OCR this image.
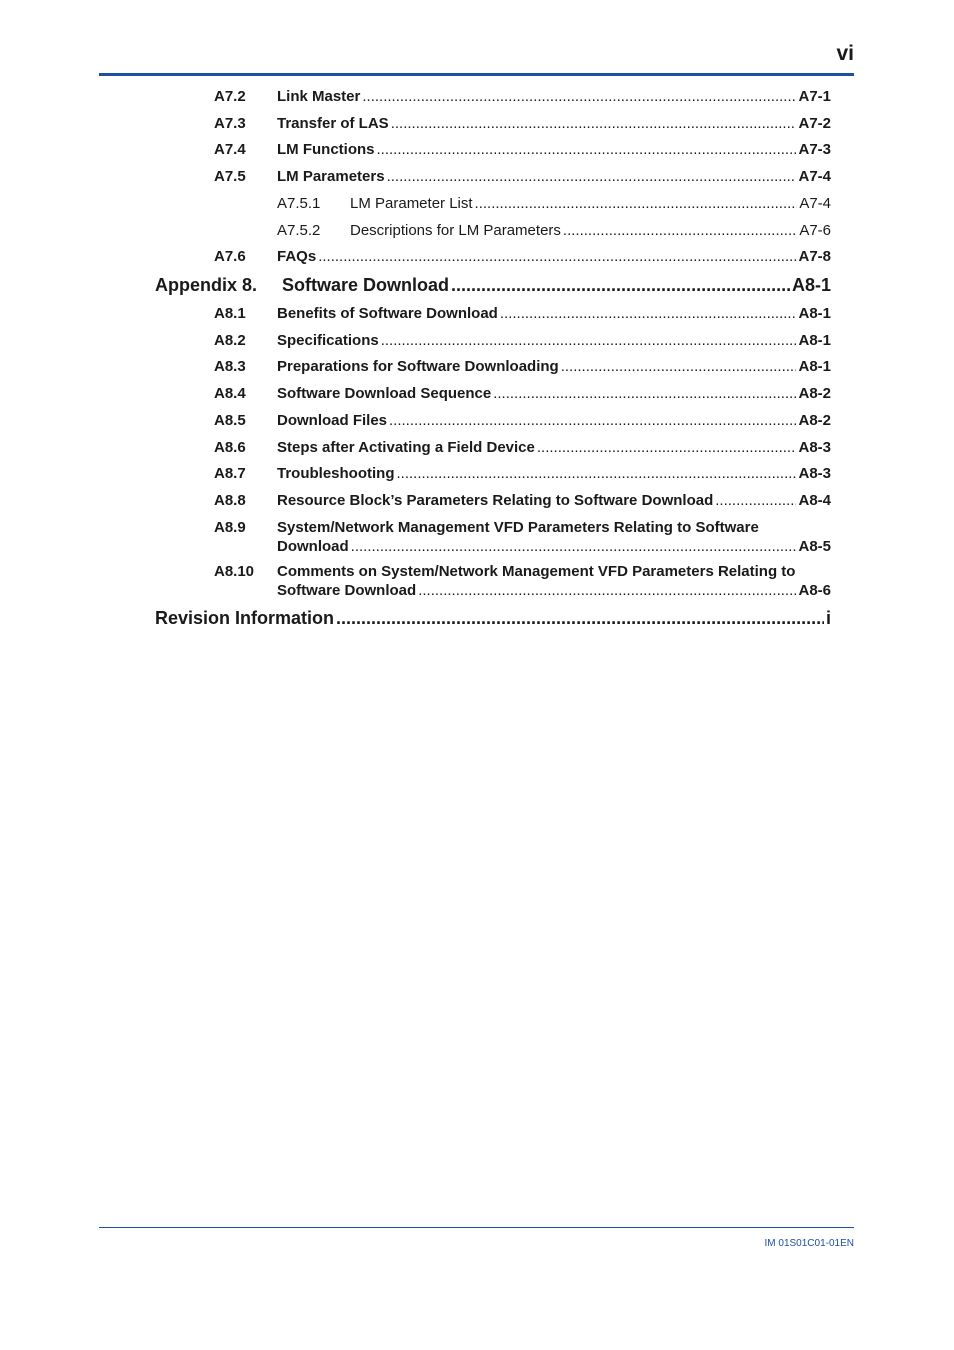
vi
A7.2 Link Master .....	A7-1
A7.3 Transfer of LAS .....	A7-2
A7.4 LM Functions .....	A7-3
A7.5 LM Parameters .....	A7-4
A7.5.1 LM Parameter List .....	A7-4
A7.5.2 Descriptions for LM Parameters .....	A7-6
A7.6 FAQs .....	A7-8
Appendix 8. Software Download .....	A8-1
A8.1 Benefits of Software Download .....	A8-1
A8.2 Specifications .....	A8-1
A8.3 Preparations for Software Downloading .....	A8-1
A8.4 Software Download Sequence .....	A8-2
A8.5 Download Files .....	A8-2
A8.6 Steps after Activating a Field Device .....	A8-3
A8.7 Troubleshooting .....	A8-3
A8.8 Resource Block’s Parameters Relating to Software Download .....	A8-4
A8.9 System/Network Management VFD Parameters Relating to Software
Download .....	A8-5
A8.10 Comments on System/Network Management VFD Parameters Relating to
Software Download .....	A8-6
Revision Information .....	i
IM 01S01C01-01EN
